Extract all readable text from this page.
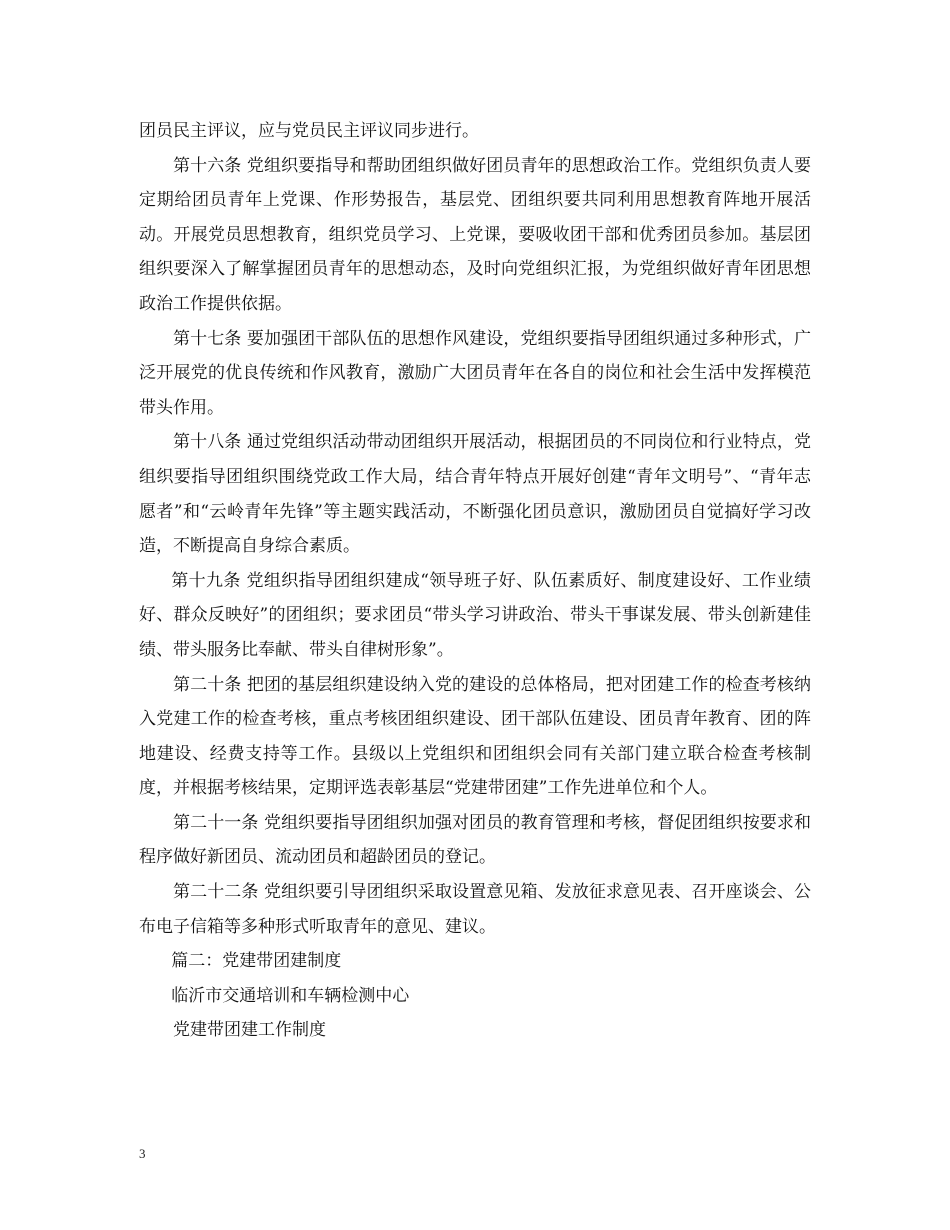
团员民主评议，应与党员民主评议同步进行。

第十六条 党组织要指导和帮助团组织做好团员青年的思想政治工作。党组织负责人要定期给团员青年上党课、作形势报告，基层党、团组织要共同利用思想教育阵地开展活动。开展党员思想教育，组织党员学习、上党课，要吸收团干部和优秀团员参加。基层团组织要深入了解掌握团员青年的思想动态，及时向党组织汇报，为党组织做好青年团思想政治工作提供依据。

第十七条 要加强团干部队伍的思想作风建设，党组织要指导团组织通过多种形式，广泛开展党的优良传统和作风教育，激励广大团员青年在各自的岗位和社会生活中发挥模范带头作用。

第十八条 通过党组织活动带动团组织开展活动，根据团员的不同岗位和行业特点，党组织要指导团组织围绕党政工作大局，结合青年特点开展好创建“青年文明号”、“青年志愿者”和“云岭青年先锋”等主题实践活动，不断强化团员意识，激励团员自觉搞好学习改造，不断提高自身综合素质。

第十九条 党组织指导团组织建成“领导班子好、队伍素质好、制度建设好、工作业绩好、群众反映好”的团组织；要求团员“带头学习讲政治、带头干事谋发展、带头创新建佳绩、带头服务比奉献、带头自律树形象”。

第二十条 把团的基层组织建设纳入党的建设的总体格局，把对团建工作的检查考核纳入党建工作的检查考核，重点考核团组织建设、团干部队伍建设、团员青年教育、团的阵地建设、经费支持等工作。县级以上党组织和团组织会同有关部门建立联合检查考核制度，并根据考核结果，定期评选表彰基层“党建带团建”工作先进单位和个人。

第二十一条 党组织要指导团组织加强对团员的教育管理和考核，督促团组织按要求和程序做好新团员、流动团员和超龄团员的登记。

第二十二条 党组织要引导团组织采取设置意见箱、发放征求意见表、召开座谈会、公布电子信箱等多种形式听取青年的意见、建议。

篇二：党建带团建制度

临沂市交通培训和车辆检测中心

党建带团建工作制度

3
